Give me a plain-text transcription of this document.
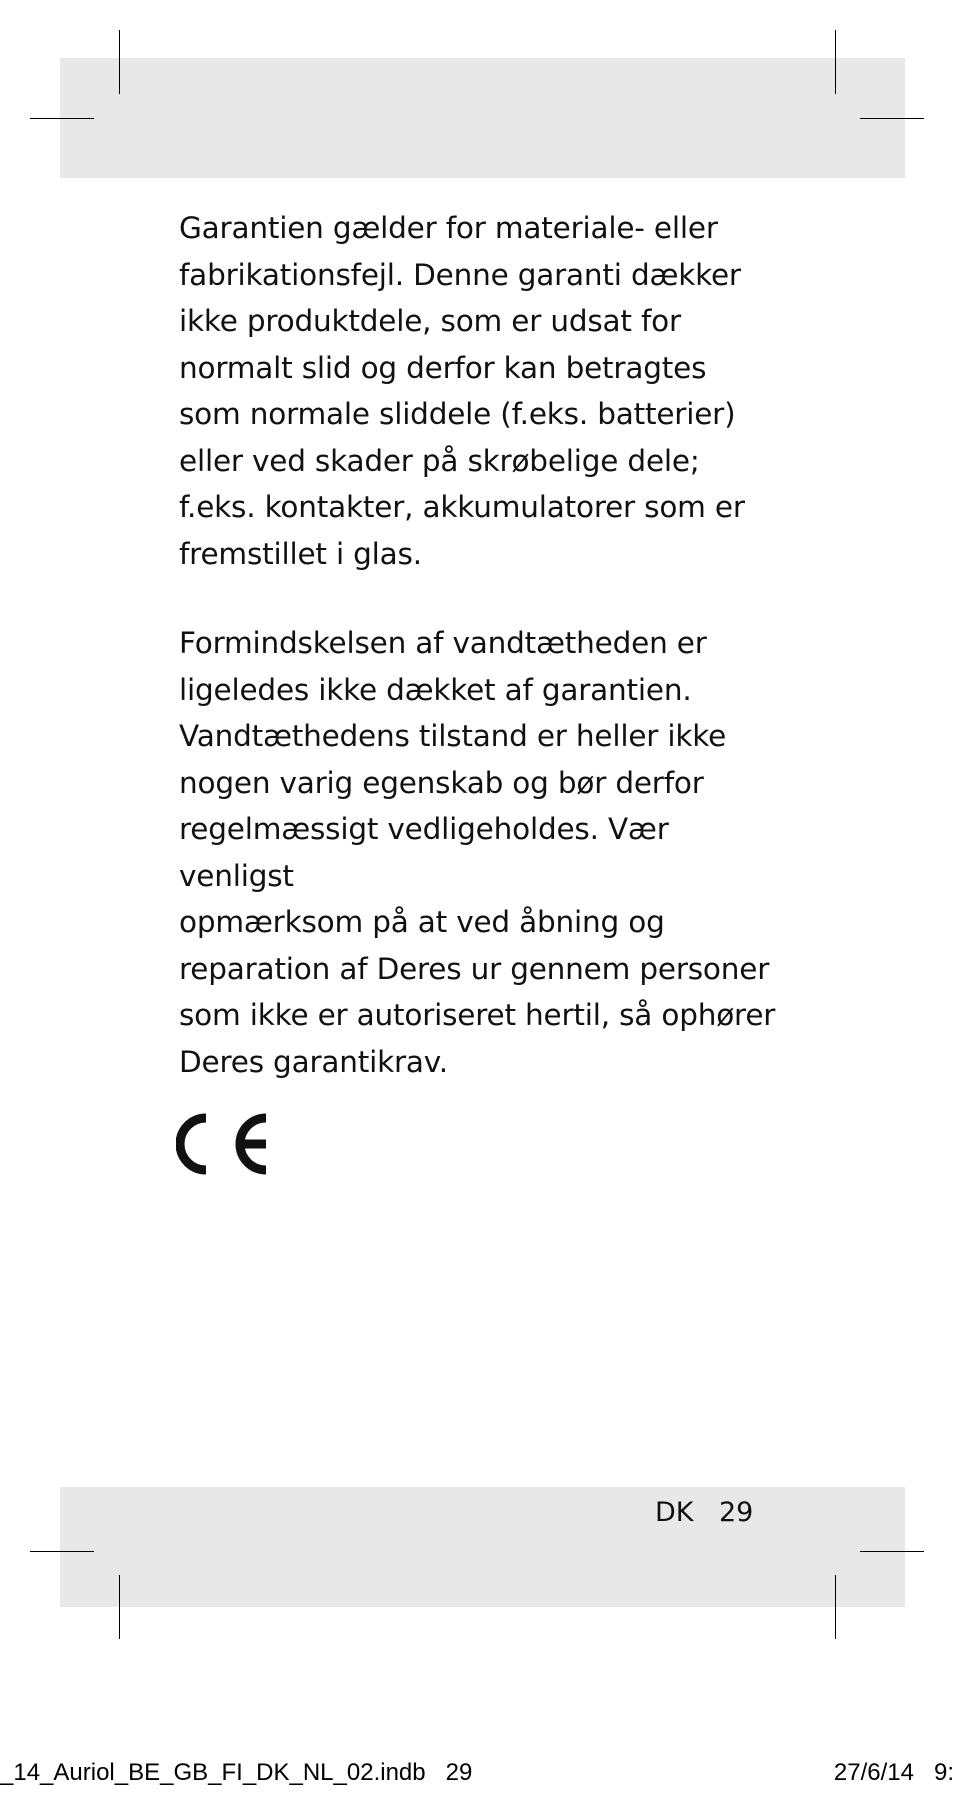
Garantien gælder for materiale- eller
fabrikationsfejl. Denne garanti dækker
ikke produktdele, som er udsat for
normalt slid og derfor kan betragtes
som normale sliddele (f.eks. batterier)
eller ved skader på skrøbelige dele;
f.eks. kontakter, akkumulatorer som er
fremstillet i glas.

Formindskelsen af vandtætheden er
ligeledes ikke dækket af garantien.
Vandtæthedens tilstand er heller ikke
nogen varig egenskab og bør derfor
regelmæssigt vedligeholdes. Vær venligst
opmærksom på at ved åbning og
reparation af Deres ur gennem personer
som ikke er autoriseret hertil, så ophører
Deres garantikrav.

DK 29
_14_Auriol_BE_GB_FI_DK_NL_02.indb   29	27/6/14   9:
